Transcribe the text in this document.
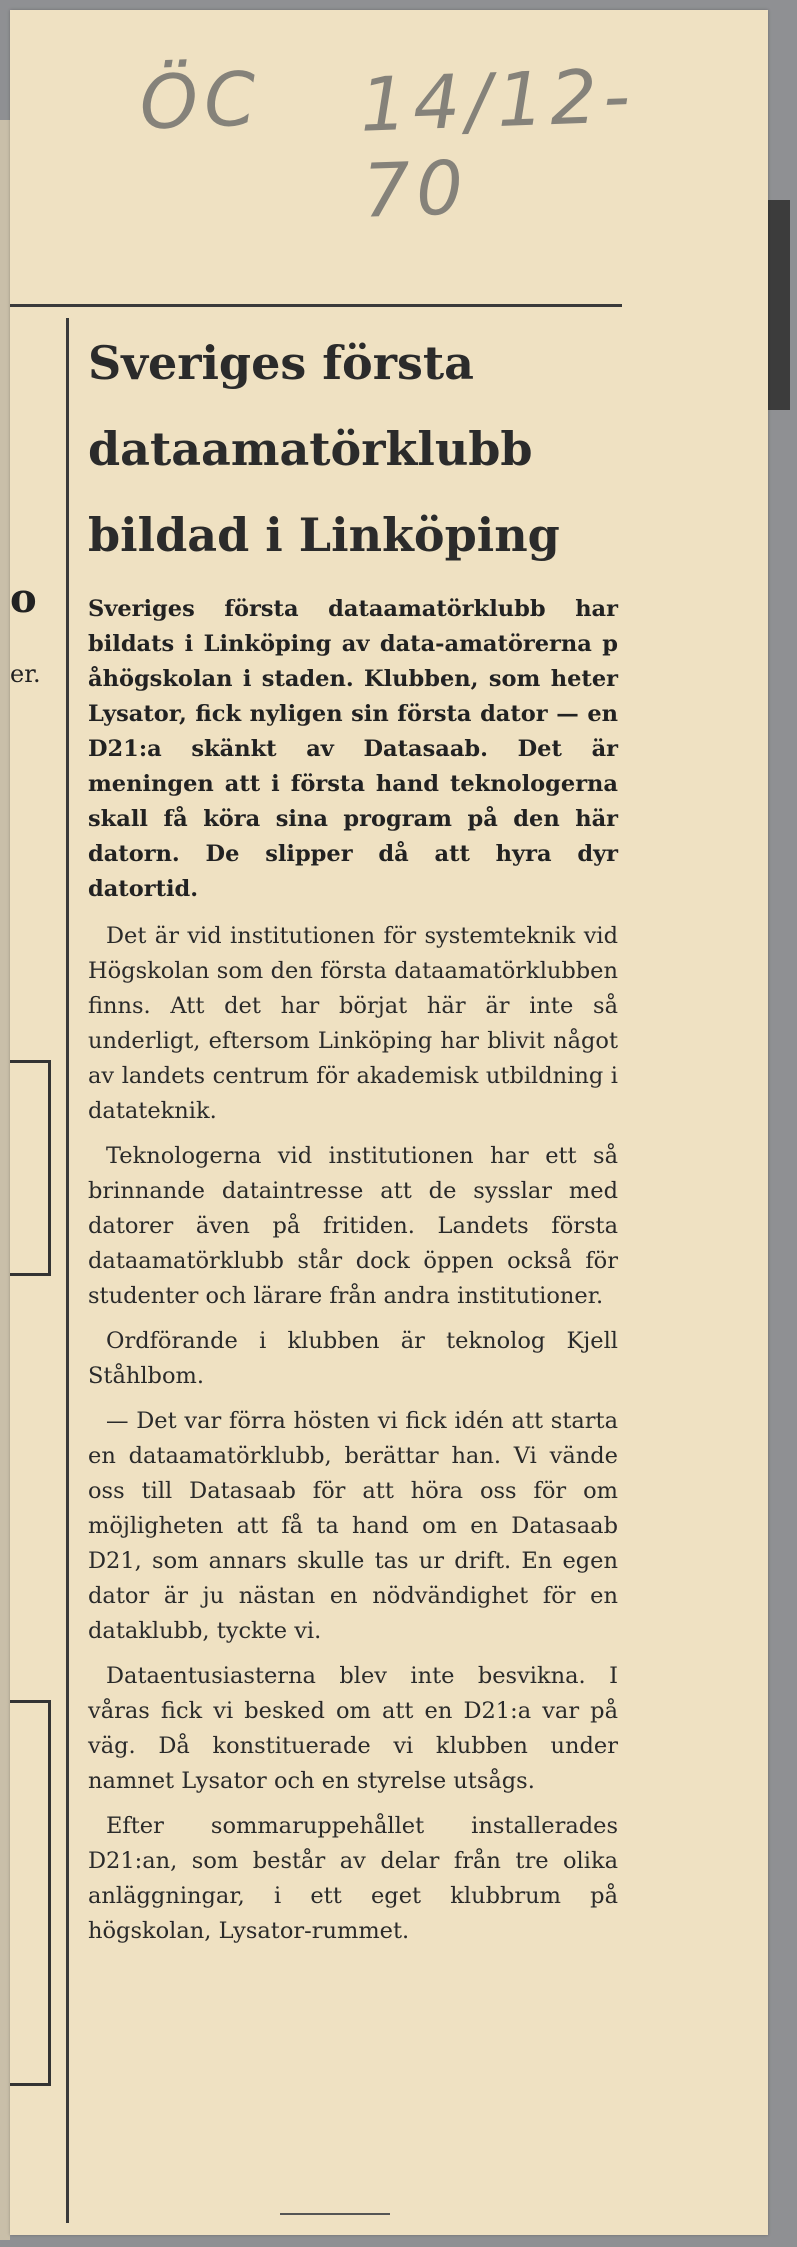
ÖC 14/12-70
o
er.
Sveriges första
dataamatörklubb
bildad i Linköping

Sveriges första dataamatörklubb har bildats i Linköping av data-amatörerna p åhögskolan i staden. Klubben, som heter Lysator, fick nyligen sin första dator — en D21:a skänkt av Datasaab. Det är meningen att i första hand teknologerna skall få köra sina program på den här datorn. De slipper då att hyra dyr datortid.

Det är vid institutionen för systemteknik vid Högskolan som den första dataamatörklubben finns. Att det har börjat här är inte så underligt, eftersom Linköping har blivit något av landets centrum för akademisk utbildning i datateknik.

Teknologerna vid institutionen har ett så brinnande dataintresse att de sysslar med datorer även på fritiden. Landets första dataamatörklubb står dock öppen också för studenter och lärare från andra institutioner.

Ordförande i klubben är teknolog Kjell Ståhlbom.

— Det var förra hösten vi fick idén att starta en dataamatörklubb, berättar han. Vi vände oss till Datasaab för att höra oss för om möjligheten att få ta hand om en Datasaab D21, som annars skulle tas ur drift. En egen dator är ju nästan en nödvändighet för en dataklubb, tyckte vi.

Dataentusiasterna blev inte besvikna. I våras fick vi besked om att en D21:a var på väg. Då konstituerade vi klubben under namnet Lysator och en styrelse utsågs.

Efter sommaruppehållet installerades D21:an, som består av delar från tre olika anläggningar, i ett eget klubbrum på högskolan, Lysator-rummet.
